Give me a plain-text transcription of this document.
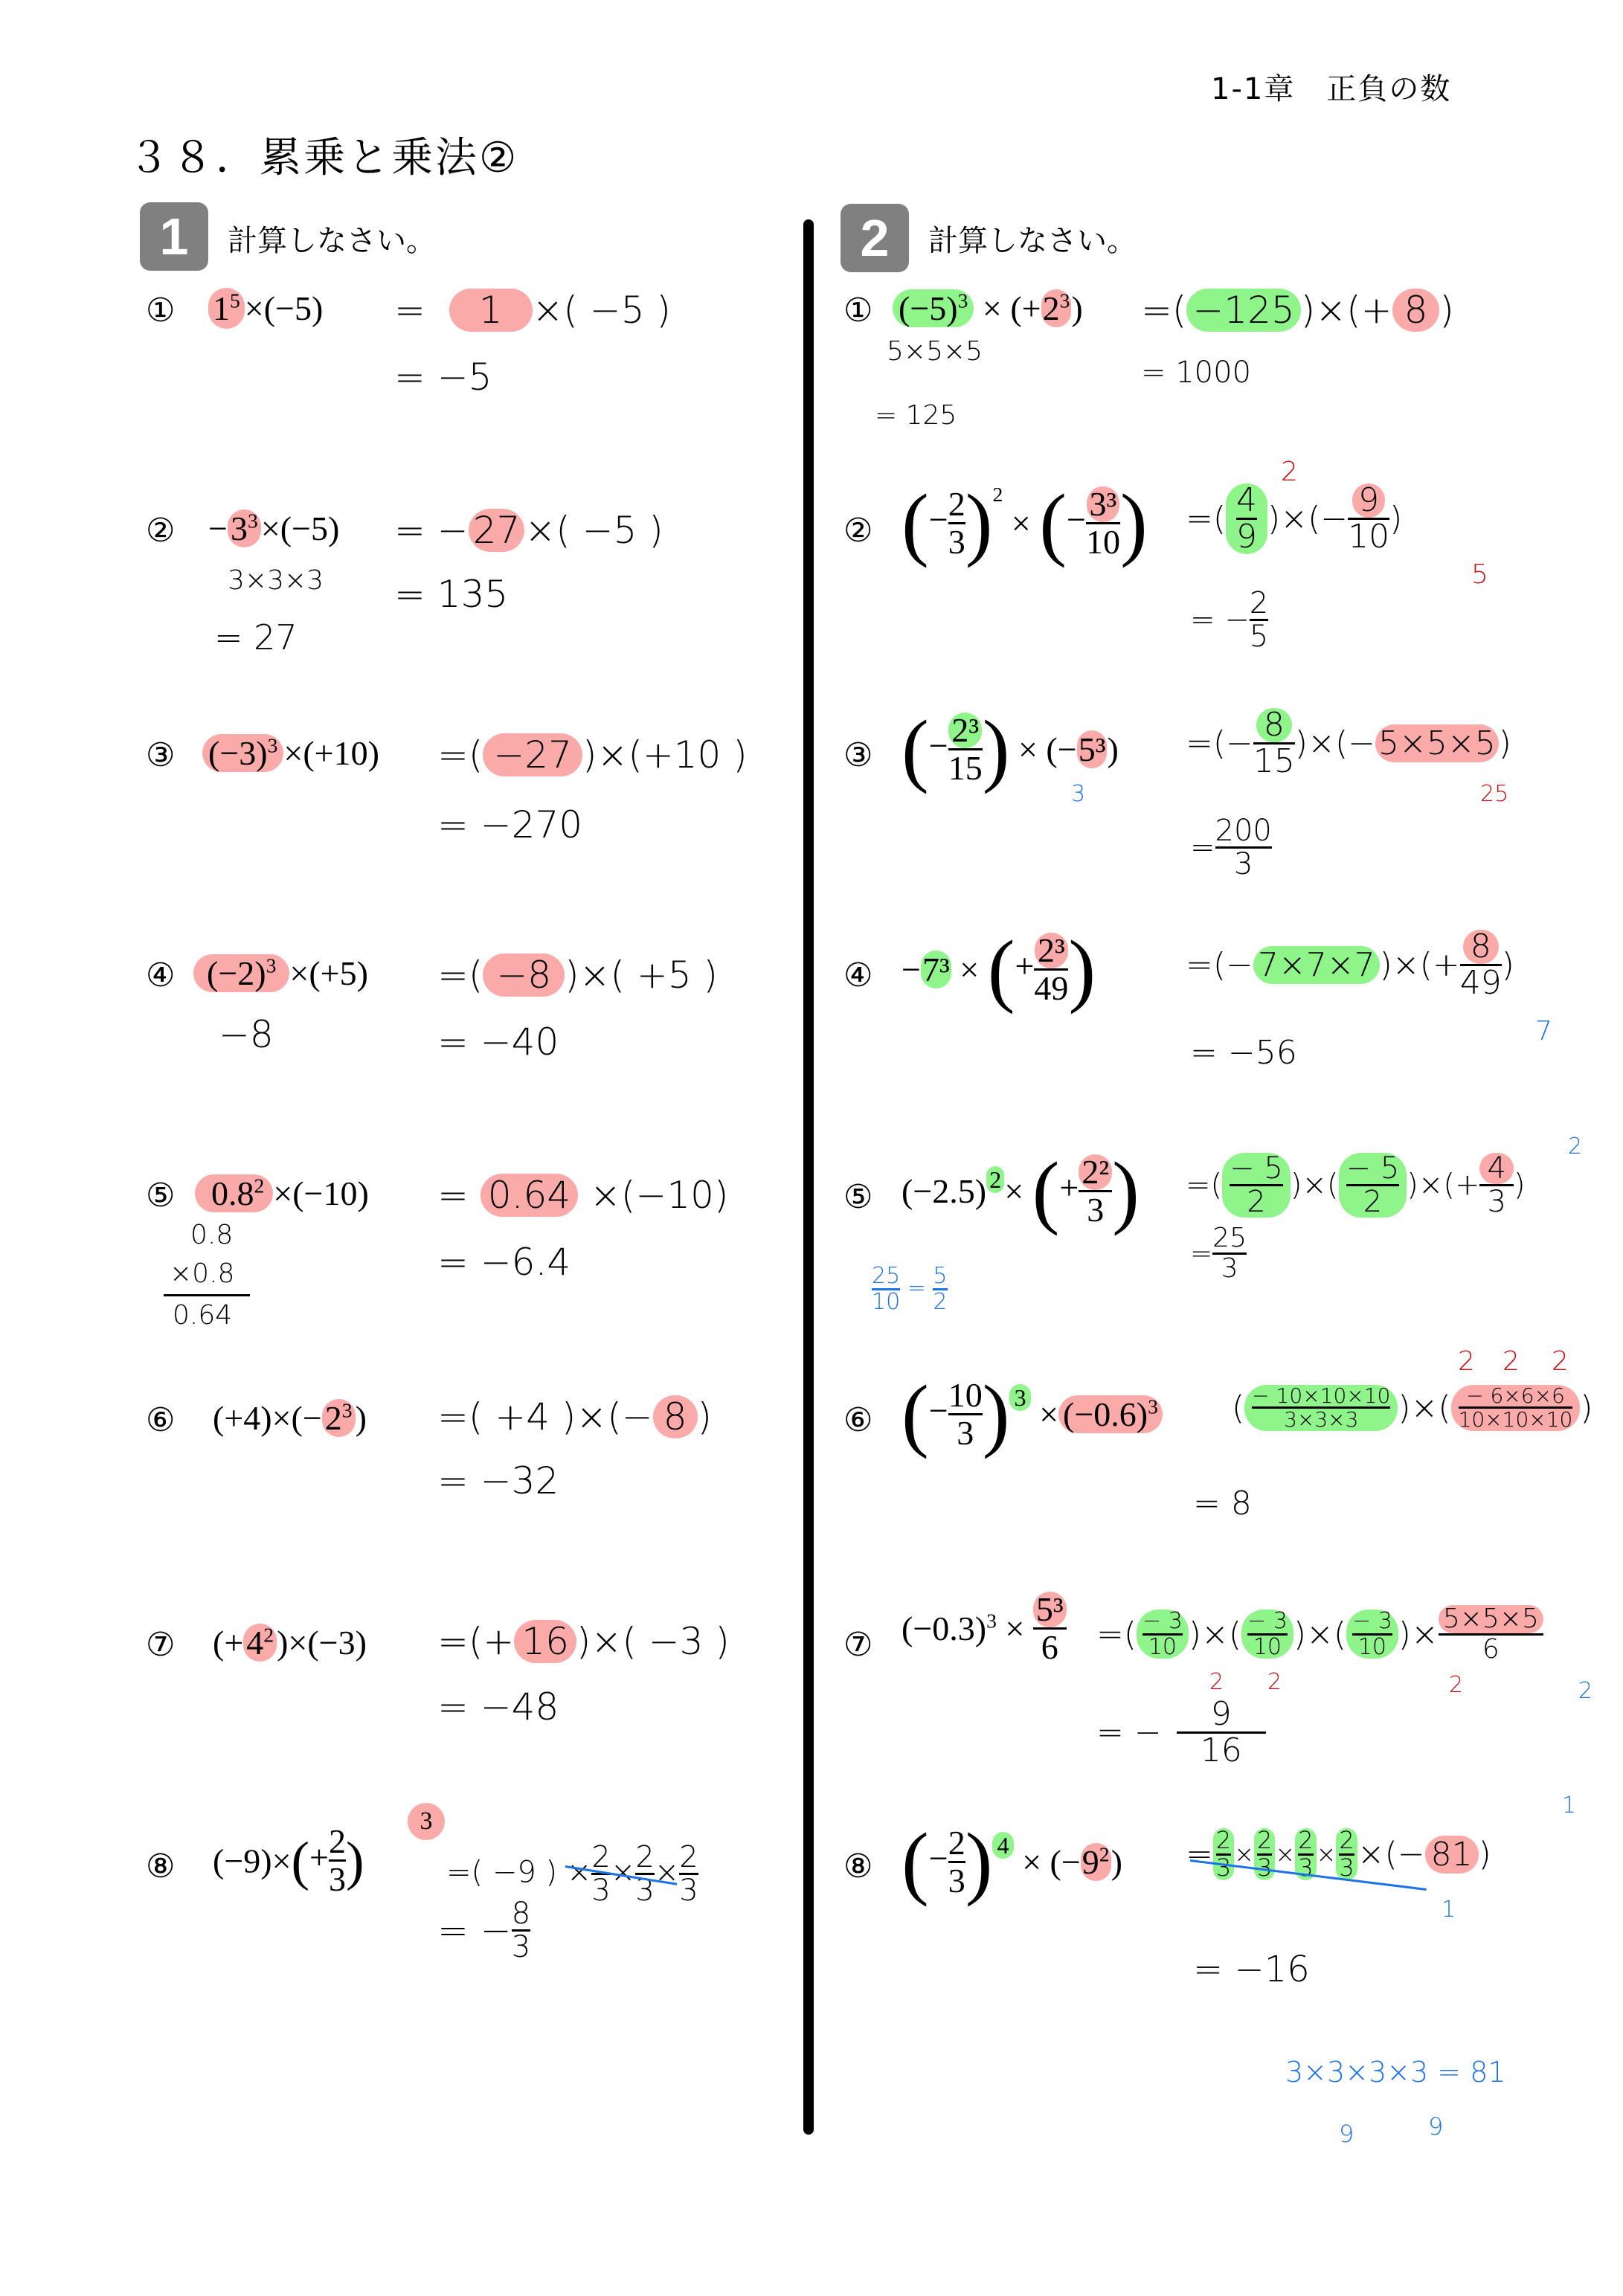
1-1章　正負の数
３８．累乗と乗法②
1 計算しなさい。	2 計算しなさい。
① $1^5 \times(-5) = 1$ ×( −5 )
= −5
② $-3^3\times(-5)$ = − 27 ×( −5 )
3×3×3
= 27
= 135
③ $(-3)^3 \times(+10)$ =( −27 )×(+10 )
= −270
④ $(-2)^3 \times(+5)$ =( −8 )×( +5 )
−8	= −40
⑤	$0.8^2 \times(-10) = 0.64 \times(-10)$
0.8
×0.8
0.64
= −6.4
⑥ $(+4)\times(-2^3)$ =( +4 )×(− 8 )
= −32
⑦ $(+4^2)\times(-3)$ =(+ 16 )×( −3 )
= −48
⑧ $(-9)\times(+ \frac{2}{3}$ )
3
=( −9 ) × $\frac{2}{3} \times \frac{2}{3} \times \frac{2}{3}$
= − $\frac{8}{3}$
① $(-5)^3 \times (+2^3)$ =( −125 )×(+ 8 )
5×5×5
= 125
= 1000
② (− $\frac{2}{3} )^2$ × (− $\frac{\text{3³}}{10}$ ) =( $\frac{4}{9}$ )×(− $\frac{9}{10}$ )
2
5
= − $\frac{2}{5}$
③ (− $\frac{\text{2³}}{15}$ ) × (−5³) =(− $\frac{8}{15} )\times(-5\times 5\times 5)$
3	25
= $\frac{200}{3}$
④ −7³ × (+ $\frac{\text{2³}}{49}$ )	=(− 7×7×7 )×(+ $\frac{8}{49}$ )
7
= −56
⑤ (−2.5) $^2$× (+ $\frac{\text{2²}}{3}$ ) =( $\frac{- 5}{2}$ )×( $\frac{- 5}{2}$ )×(+ $\frac{4}{3}$ )
2
$\frac{25}{10} = \frac{5}{2}$
= $\frac{25}{3}$
⑥ (− $\frac{10}{3}$ ) $^3 \times (-0.6)^3$ ( $\frac{- 10\times 10\times 10}{3\times 3\times 3}$ )×( $\frac{- 6\times 6\times 6}{10\times 10\times 10}$ )
2 2 2
= 8
⑦ $(-0.3)^3 \times \frac{\text{5³}}{6}$ =( $\frac{- 3}{10}$ )×( $\frac{- 3}{10}$ )×( $\frac{- 3}{10}$ )× $\frac{5\times 5\times 5}{6}$
2 2	2	2
= − $\frac{9}{16}$
⑧ (− $\frac{2}{3}$ ) $^4 \times (-9^2) = \frac{2}{3} \times \frac{2}{3} \times \frac{2}{3} \times \frac{2}{3}$ ×(− 81 )
1
1
= −16
3×3×3×3 = 81
9	9
